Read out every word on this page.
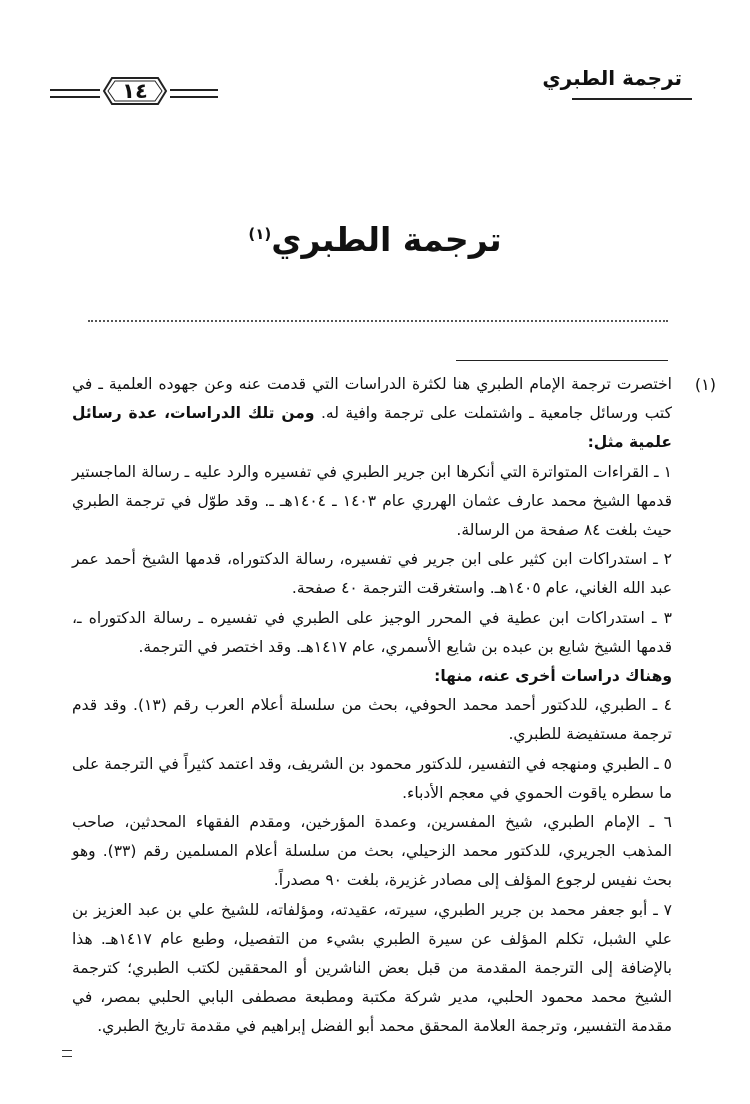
ترجمة الطبري
١٤
ترجمة الطبري$^{(١)}$
(١)

اختصرت ترجمة الإمام الطبري هنا لكثرة الدراسات التي قدمت عنه وعن جهوده العلمية ـ في كتب ورسائل جامعية ـ واشتملت على ترجمة وافية له. ومن تلك الدراسات، عدة رسائل علمية مثل:

١ ـ القراءات المتواترة التي أنكرها ابن جرير الطبري في تفسيره والرد عليه ـ رسالة الماجستير قدمها الشيخ محمد عارف عثمان الهرري عام ١٤٠٣ ـ ١٤٠٤هـ ـ. وقد طوّل في ترجمة الطبري حيث بلغت ٨٤ صفحة من الرسالة.

٢ ـ استدراكات ابن كثير على ابن جرير في تفسيره، رسالة الدكتوراه، قدمها الشيخ أحمد عمر عبد الله الغاني، عام ١٤٠٥هـ. واستغرقت الترجمة ٤٠ صفحة.

٣ ـ استدراكات ابن عطية في المحرر الوجيز على الطبري في تفسيره ـ رسالة الدكتوراه ـ، قدمها الشيخ شايع بن عبده بن شايع الأسمري، عام ١٤١٧هـ. وقد اختصر في الترجمة.

وهناك دراسات أخرى عنه، منها:

٤ ـ الطبري، للدكتور أحمد محمد الحوفي، بحث من سلسلة أعلام العرب رقم (١٣). وقد قدم ترجمة مستفيضة للطبري.

٥ ـ الطبري ومنهجه في التفسير، للدكتور محمود بن الشريف، وقد اعتمد كثيراً في الترجمة على ما سطره ياقوت الحموي في معجم الأدباء.

٦ ـ الإمام الطبري، شيخ المفسرين، وعمدة المؤرخين، ومقدم الفقهاء المحدثين، صاحب المذهب الجريري، للدكتور محمد الزحيلي، بحث من سلسلة أعلام المسلمين رقم (٣٣). وهو بحث نفيس لرجوع المؤلف إلى مصادر غزيرة، بلغت ٩٠ مصدراً.

٧ ـ أبو جعفر محمد بن جرير الطبري، سيرته، عقيدته، ومؤلفاته، للشيخ علي بن عبد العزيز بن علي الشبل، تكلم المؤلف عن سيرة الطبري بشيء من التفصيل، وطبع عام ١٤١٧هـ. هذا بالإضافة إلى الترجمة المقدمة من قبل بعض الناشرين أو المحققين لكتب الطبري؛ كترجمة الشيخ محمد محمود الحلبي، مدير شركة مكتبة ومطبعة مصطفى البابي الحلبي بمصر، في مقدمة التفسير، وترجمة العلامة المحقق محمد أبو الفضل إبراهيم في مقدمة تاريخ الطبري.
